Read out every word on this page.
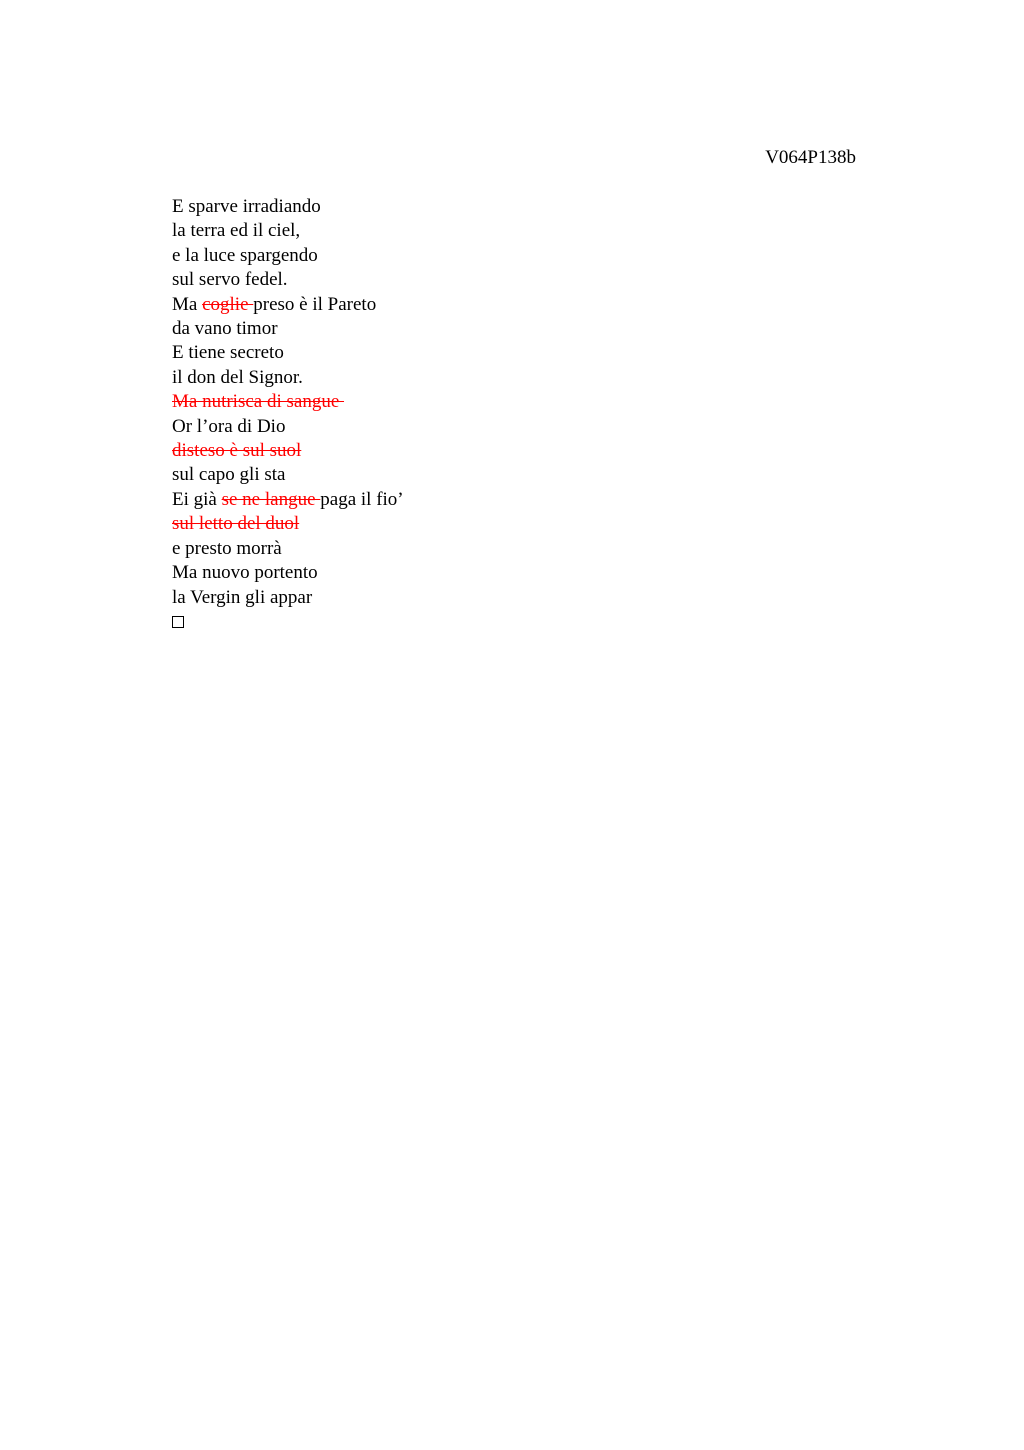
V064P138b
E sparve irradiando
la terra ed il ciel,
e la luce spargendo
sul servo fedel.
Ma coglie preso è il Pareto
da vano timor
E tiene secreto
il don del Signor.
Ma nutrisca di sangue
Or l’ora di Dio
disteso è sul suol
sul capo gli sta
Ei già se ne langue paga il fio’
sul letto del duol
e presto morrà
Ma nuovo portento
la Vergin gli appar
